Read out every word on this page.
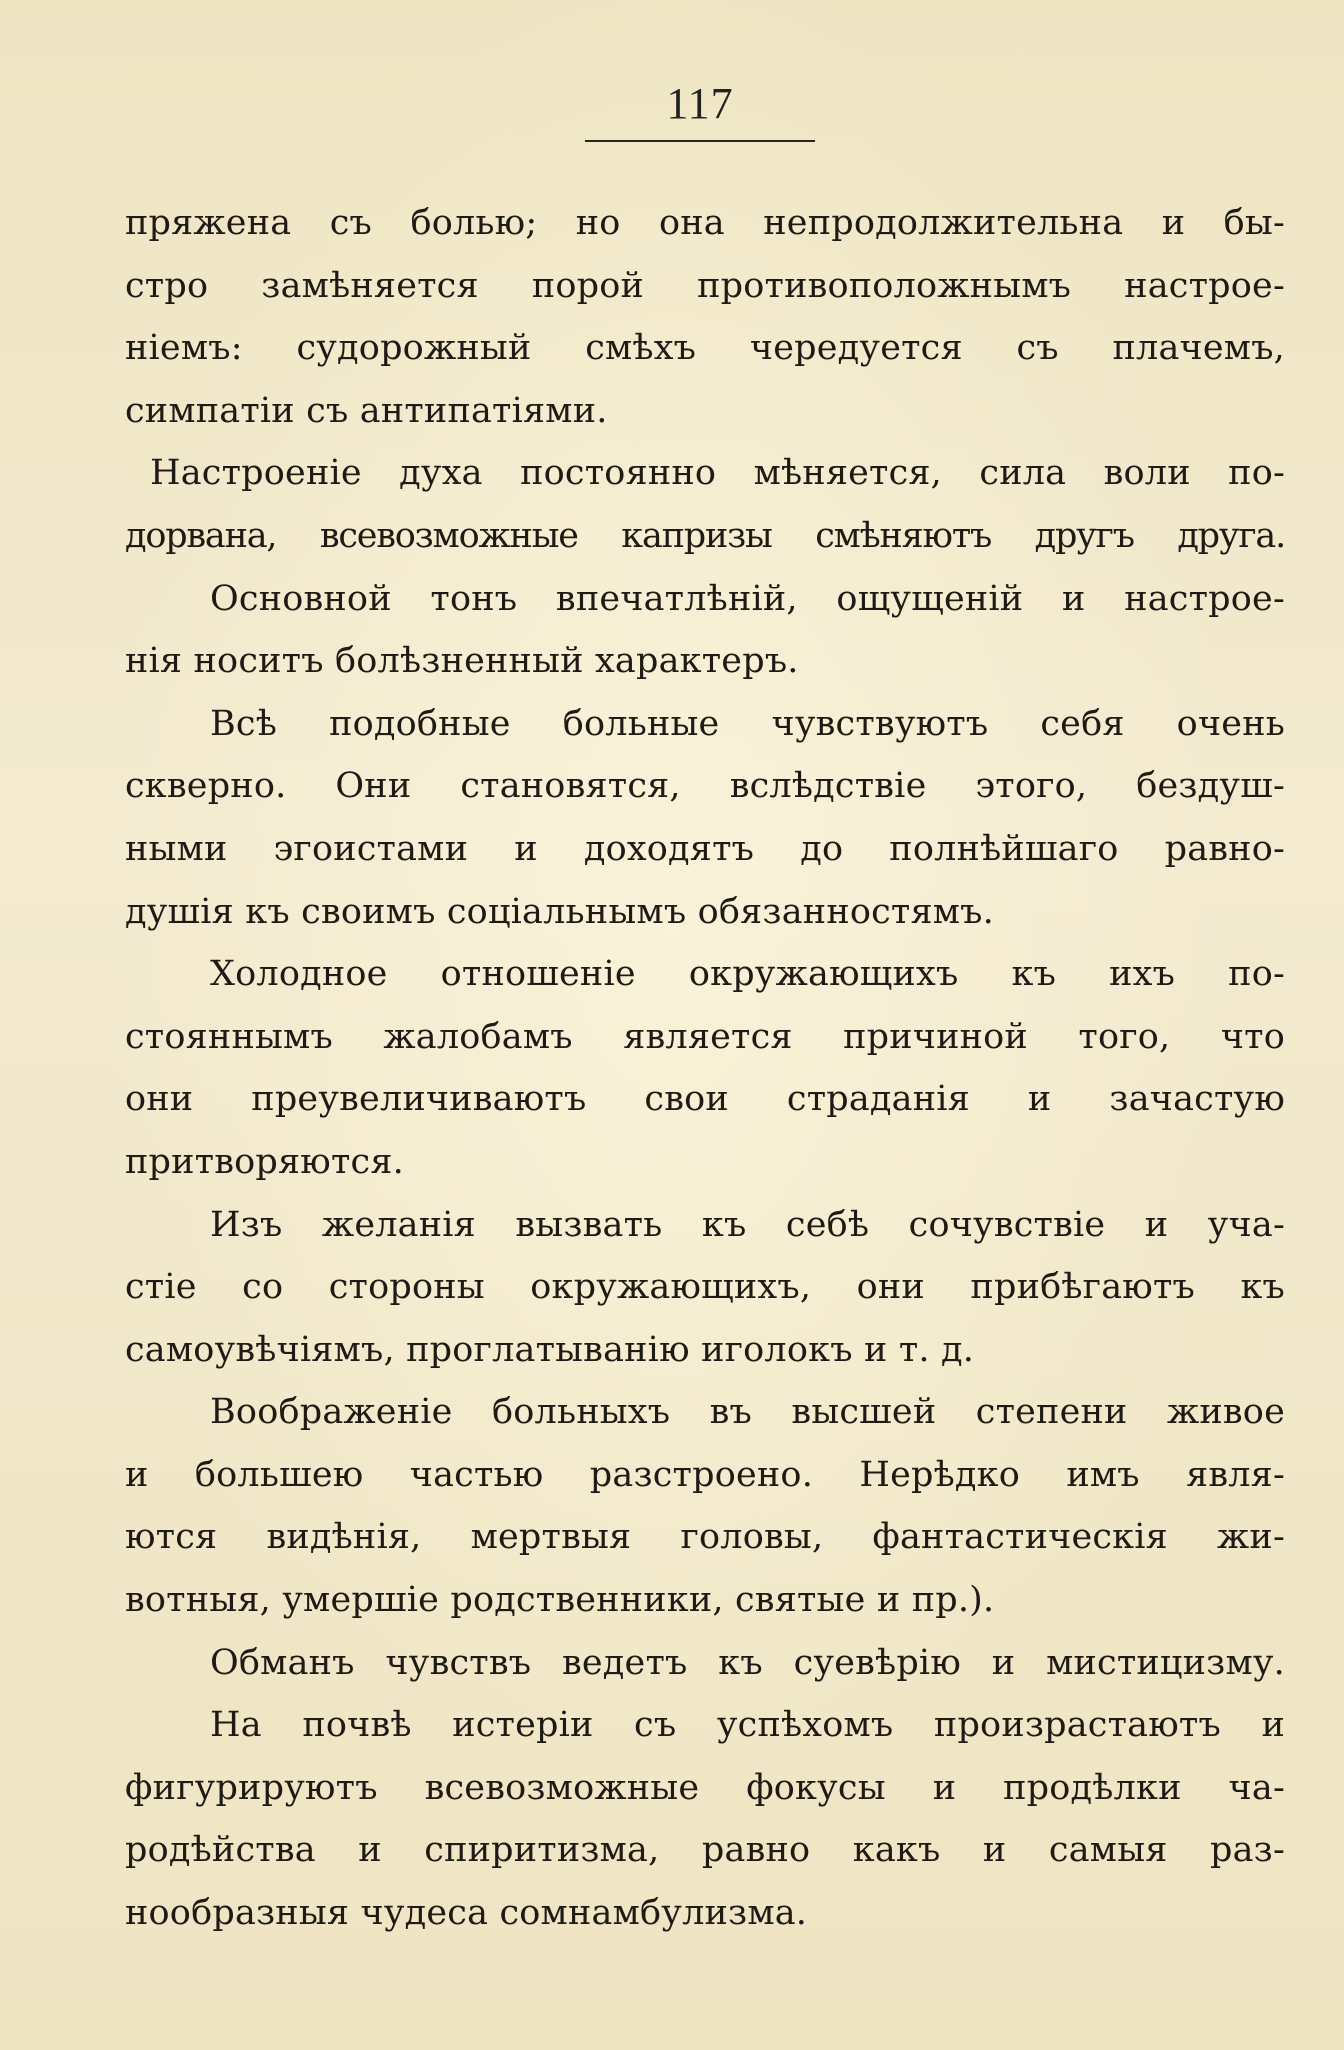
117

пряжена съ болью; но она непродолжительна и бы-
стро замѣняется порой противоположнымъ настрое-
ніемъ: судорожный смѣхъ чередуется съ плачемъ,
симпатіи съ антипатіями.

Настроеніе духа постоянно мѣняется, сила воли по-
дорвана, всевозможные капризы смѣняютъ другъ друга.

Основной тонъ впечатлѣній, ощущеній и настрое-
нія носитъ болѣзненный характеръ.

Всѣ подобные больные чувствуютъ себя очень
скверно. Они становятся, вслѣдствіе этого, бездуш-
ными эгоистами и доходятъ до полнѣйшаго равно-
душія къ своимъ соціальнымъ обязанностямъ.

Холодное отношеніе окружающихъ къ ихъ по-
стояннымъ жалобамъ является причиной того, что
они преувеличиваютъ свои страданія и зачастую
притворяются.

Изъ желанія вызвать къ себѣ сочувствіе и уча-
стіе со стороны окружающихъ, они прибѣгаютъ къ
самоувѣчіямъ, проглатыванію иголокъ и т. д.

Воображеніе больныхъ въ высшей степени живое
и большею частью разстроено. Нерѣдко имъ явля-
ются видѣнія, мертвыя головы, фантастическія жи-
вотныя, умершіе родственники, святые и пр.).

Обманъ чувствъ ведетъ къ суевѣрію и мистицизму.

На почвѣ истеріи съ успѣхомъ произрастаютъ и
фигурируютъ всевозможные фокусы и продѣлки ча-
родѣйства и спиритизма, равно какъ и самыя раз-
нообразныя чудеса сомнамбулизма.
